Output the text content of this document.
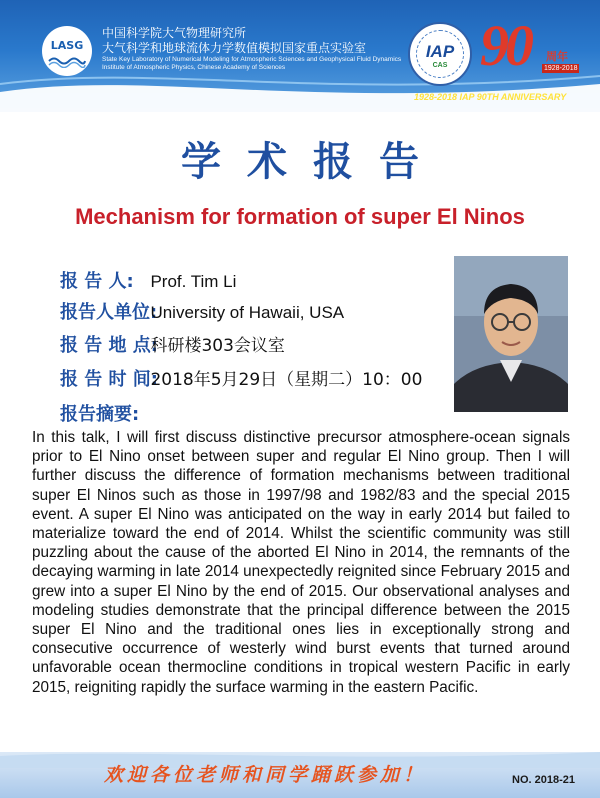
LASG
中国科学院大气物理研究所
大气科学和地球流体力学数值模拟国家重点实验室
State Key Laboratory of Numerical Modeling for Atmospheric Sciences and Geophysical Fluid Dynamics
Institute of Atmospheric Physics, Chinese Academy of Sciences
IAP
CAS 90 周年
1928-2018
1928-2018 IAP 90TH ANNIVERSARY
学术报告
Mechanism for formation of super El Ninos
报 告 人: Prof. Tim Li
报告人单位: University of Hawaii, USA
报 告 地 点: 科研楼303会议室
报 告 时 间: 2018年5月29日（星期二）10：00
报告摘要:
In this talk, I will first discuss distinctive precursor atmosphere-ocean signals prior to El Nino onset between super and regular El Nino group. Then I will further discuss the difference of formation mechanisms between traditional super El Ninos such as those in 1997/98 and 1982/83 and the special 2015 event. A super El Nino was anticipated on the way in early 2014 but failed to materialize toward the end of 2014. Whilst the scientific community was still puzzling about the cause of the aborted El Nino in 2014, the remnants of the decaying warming in late 2014 unexpectedly reignited since February 2015 and grew into a super El Nino by the end of 2015. Our observational analyses and modeling studies demonstrate that the principal difference between the 2015 super El Nino and the traditional ones lies in exceptionally strong and consecutive occurrence of westerly wind burst events that turned around unfavorable ocean thermocline conditions in tropical western Pacific in early 2015, reigniting rapidly the surface warming in the eastern Pacific.
欢迎各位老师和同学踊跃参加！	NO. 2018-21
